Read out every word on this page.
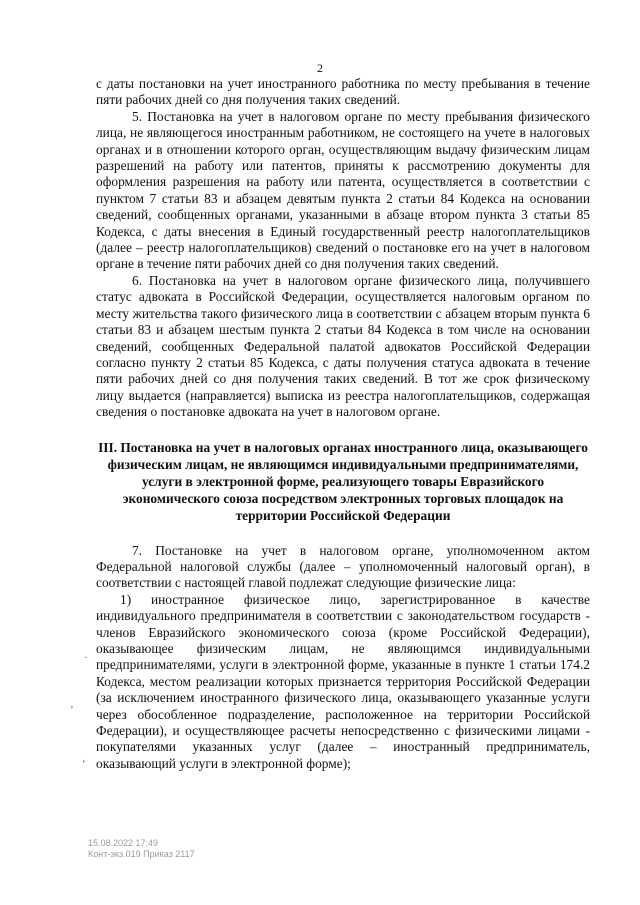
2

с даты постановки на учет иностранного работника по месту пребывания в течение пяти рабочих дней со дня получения таких сведений.

5. Постановка на учет в налоговом органе по месту пребывания физического лица, не являющегося иностранным работником, не состоящего на учете в налоговых органах и в отношении которого орган, осуществляющим выдачу физическим лицам разрешений на работу или патентов, приняты к рассмотрению документы для оформления разрешения на работу или патента, осуществляется в соответствии с пунктом 7 статьи 83 и абзацем девятым пункта 2 статьи 84 Кодекса на основании сведений, сообщенных органами, указанными в абзаце втором пункта 3 статьи 85 Кодекса, с даты внесения в Единый государственный реестр налогоплательщиков (далее – реестр налогоплательщиков) сведений о постановке его на учет в налоговом органе в течение пяти рабочих дней со дня получения таких сведений.

6. Постановка на учет в налоговом органе физического лица, получившего статус адвоката в Российской Федерации, осуществляется налоговым органом по месту жительства такого физического лица в соответствии с абзацем вторым пункта 6 статьи 83 и абзацем шестым пункта 2 статьи 84 Кодекса в том числе на основании сведений, сообщенных Федеральной палатой адвокатов Российской Федерации согласно пункту 2 статьи 85 Кодекса, с даты получения статуса адвоката в течение пяти рабочих дней со дня получения таких сведений. В тот же срок физическому лицу выдается (направляется) выписка из реестра налогоплательщиков, содержащая сведения о постановке адвоката на учет в налоговом органе.

III. Постановка на учет в налоговых органах иностранного лица, оказывающего физическим лицам, не являющимся индивидуальными предпринимателями, услуги в электронной форме, реализующего товары Евразийского экономического союза посредством электронных торговых площадок на территории Российской Федерации

7. Постановке на учет в налоговом органе, уполномоченном актом Федеральной налоговой службы (далее – уполномоченный налоговый орган), в соответствии с настоящей главой подлежат следующие физические лица:

1) иностранное физическое лицо, зарегистрированное в качестве индивидуального предпринимателя в соответствии с законодательством государств - членов Евразийского экономического союза (кроме Российской Федерации), оказывающее физическим лицам, не являющимся индивидуальными предпринимателями, услуги в электронной форме, указанные в пункте 1 статьи 174.2 Кодекса, местом реализации которых признается территория Российской Федерации (за исключением иностранного физического лица, оказывающего указанные услуги через обособленное подразделение, расположенное на территории Российской Федерации), и осуществляющее расчеты непосредственно с физическими лицами - покупателями указанных услуг (далее – иностранный предприниматель, оказывающий услуги в электронной форме);

·
ʼ
ʻ
15.08.2022 17:49
Конт-экз.019 Приказ 2117
